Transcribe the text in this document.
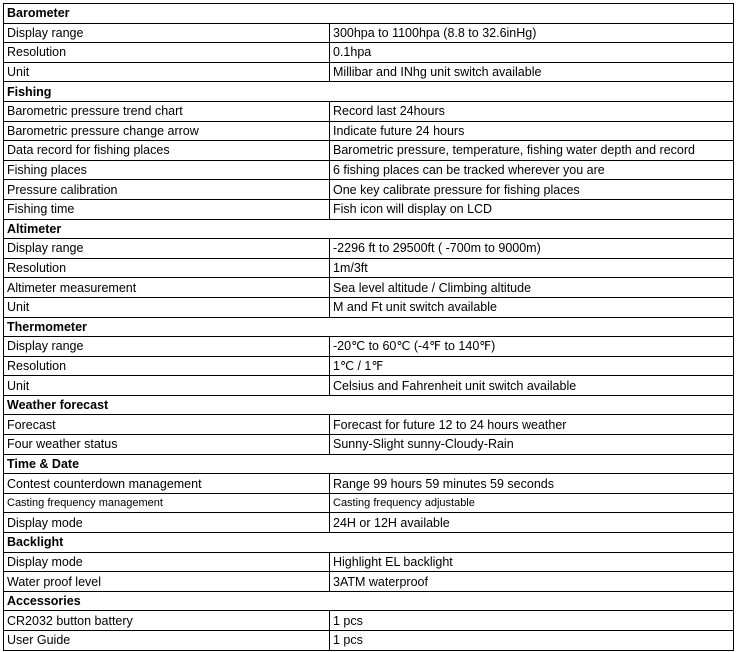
Barometer	
Display range	300hpa to 1100hpa (8.8 to 32.6inHg)
Resolution	0.1hpa
Unit	Millibar and INhg unit switch available
Fishing	
Barometric pressure trend chart	Record last 24hours
Barometric pressure change arrow	Indicate future 24 hours
Data record for fishing places	Barometric pressure, temperature, fishing water depth and record
Fishing places	6 fishing places can be tracked wherever you are
Pressure calibration	One key calibrate pressure for fishing places
Fishing time	Fish icon will display on LCD
Altimeter	
Display range	-2296 ft to 29500ft ( -700m to 9000m)
Resolution	1m/3ft
Altimeter measurement	Sea level altitude / Climbing altitude
Unit	M and Ft unit switch available
Thermometer	
Display range	-20℃ to 60℃ (-4℉ to 140℉)
Resolution	1℃ / 1℉
Unit	Celsius and Fahrenheit unit switch available
Weather forecast	
Forecast	Forecast for future 12 to 24 hours weather
Four weather status	Sunny-Slight sunny-Cloudy-Rain
Time & Date	
Contest counterdown management	Range 99 hours 59 minutes 59 seconds
Casting frequency management	Casting frequency adjustable
Display mode	24H or 12H available
Backlight	
Display mode	Highlight EL backlight
Water proof level	3ATM waterproof
Accessories	
CR2032 button battery	1 pcs
User Guide	1 pcs
